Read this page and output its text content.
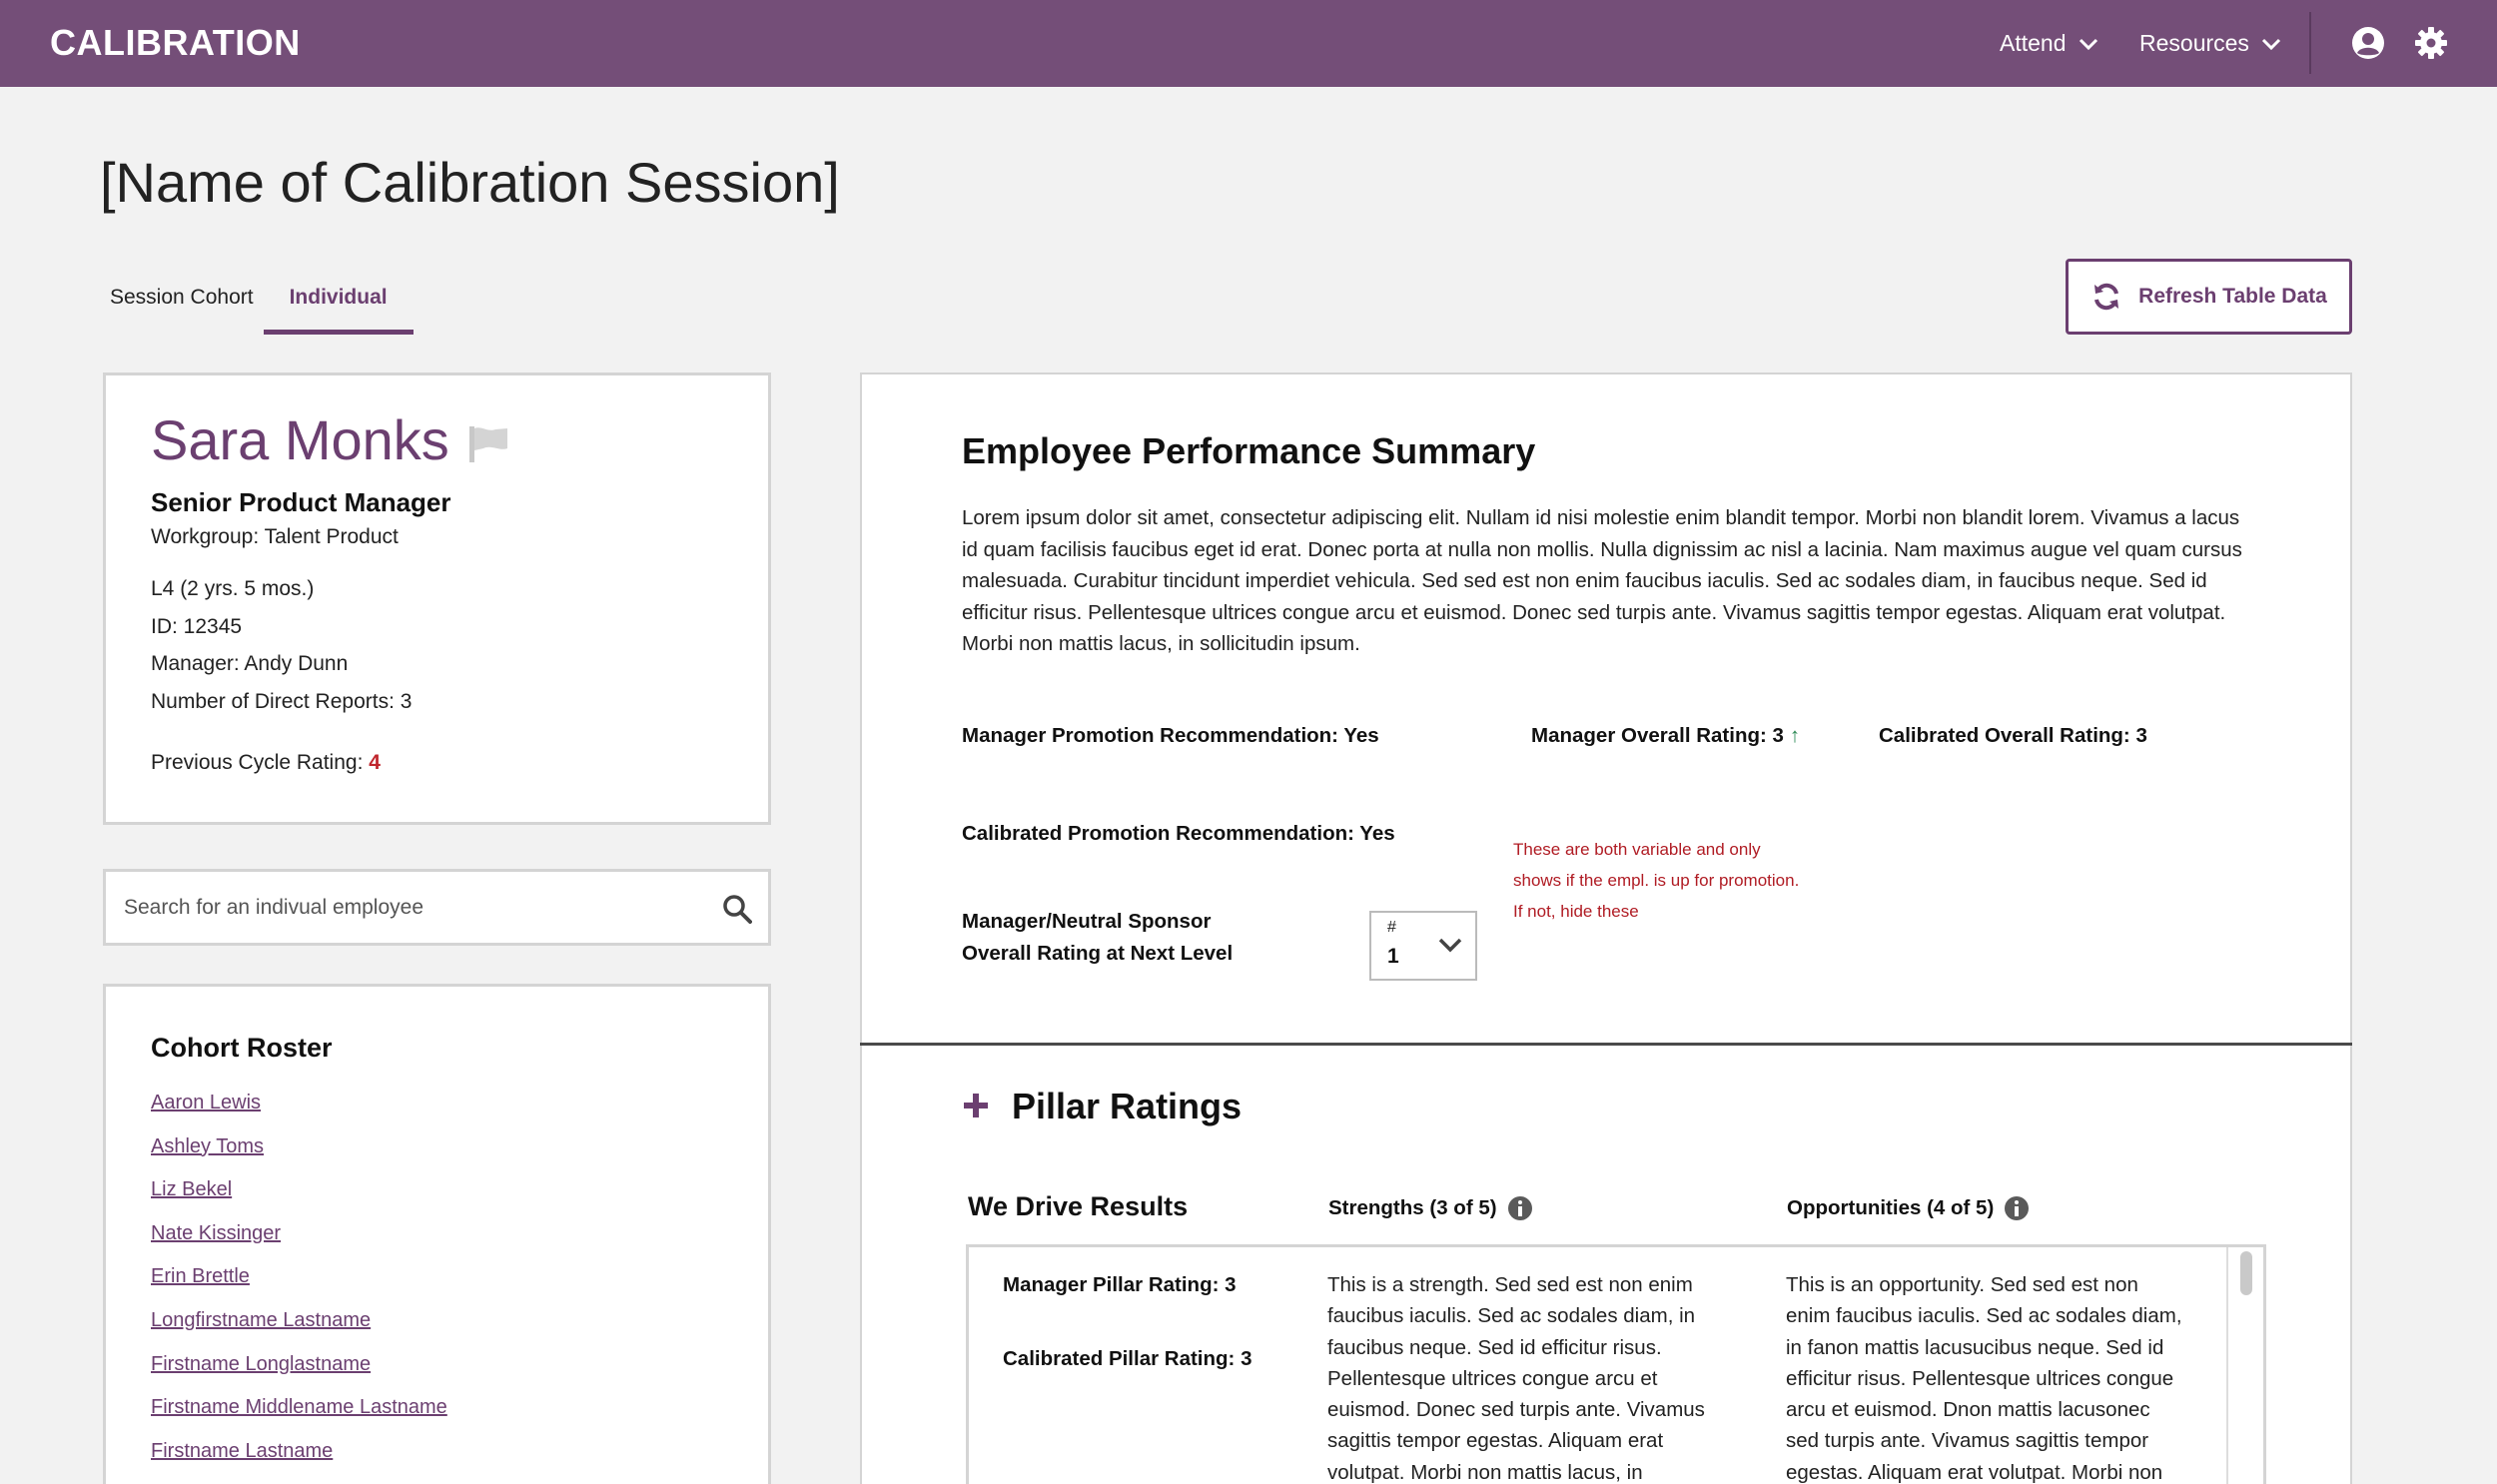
CALIBRATION	Attend	Resources
[Name of Calibration Session]
Session Cohort	Individual	Refresh Table Data
Sara Monks
Senior Product Manager
Workgroup: Talent Product
L4 (2 yrs. 5 mos.)
ID: 12345
Manager: Andy Dunn
Number of Direct Reports: 3
Previous Cycle Rating: 4
Search for an indivual employee
Cohort Roster
Aaron Lewis
Ashley Toms
Liz Bekel
Nate Kissinger
Erin Brettle
Longfirstname Lastname
Firstname Longlastname
Firstname Middlename Lastname
Firstname Lastname
Employee Performance Summary

Lorem ipsum dolor sit amet, consectetur adipiscing elit. Nullam id nisi molestie enim blandit tempor. Morbi non blandit lorem. Vivamus a lacus id quam facilisis faucibus eget id erat. Donec porta at nulla non mollis. Nulla dignissim ac nisl a lacinia. Nam maximus augue vel quam cursus malesuada. Curabitur tincidunt imperdiet vehicula. Sed sed est non enim faucibus iaculis. Sed ac sodales diam, in faucibus neque. Sed id efficitur risus. Pellentesque ultrices congue arcu et euismod. Donec sed turpis ante. Vivamus sagittis tempor egestas. Aliquam erat volutpat. Morbi non mattis lacus, in sollicitudin ipsum.

Manager Promotion Recommendation: Yes	Manager Overall Rating: 3 ↑	Calibrated Overall Rating: 3
Calibrated Promotion Recommendation: Yes
These are both variable and only shows if the empl. is up for promotion. If not, hide these
Manager/Neutral Sponsor
Overall Rating at Next Level
#
1
Pillar Ratings
We Drive Results	Strengths (3 of 5)	Opportunities (4 of 5)
Manager Pillar Rating: 3
Calibrated Pillar Rating: 3

This is a strength. Sed sed est non enim faucibus iaculis. Sed ac sodales diam, in faucibus neque. Sed id efficitur risus. Pellentesque ultrices congue arcu et euismod. Donec sed turpis ante. Vivamus sagittis tempor egestas. Aliquam erat volutpat. Morbi non mattis lacus, in

This is an opportunity. Sed sed est non enim faucibus iaculis. Sed ac sodales diam, in fanon mattis lacusucibus neque. Sed id efficitur risus. Pellentesque ultrices congue arcu et euismod. Dnon mattis lacusonec sed turpis ante. Vivamus sagittis tempor egestas. Aliquam erat volutpat. Morbi non
